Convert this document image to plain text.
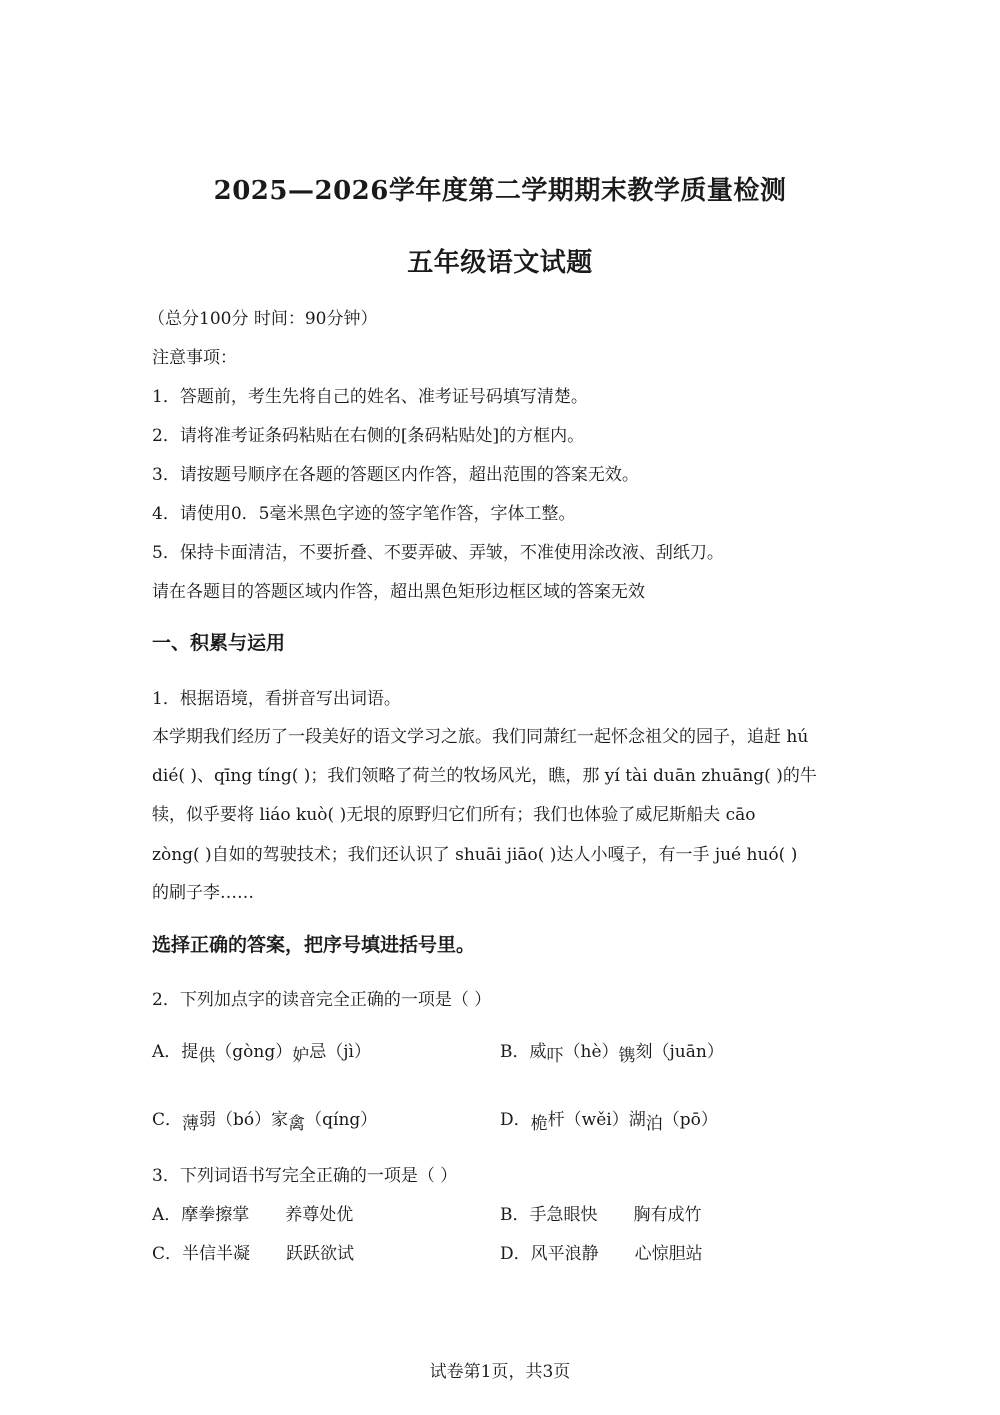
2025—2026学年度第二学期期末教学质量检测
五年级语文试题
（总分100分 时间：90分钟）
注意事项：
1．答题前，考生先将自己的姓名、准考证号码填写清楚。
2．请将准考证条码粘贴在右侧的[条码粘贴处]的方框内。
3．请按题号顺序在各题的答题区内作答，超出范围的答案无效。
4．请使用0．5毫米黑色字迹的签字笔作答，字体工整。
5．保持卡面清洁，不要折叠、不要弄破、弄皱，不准使用涂改液、刮纸刀。
请在各题目的答题区域内作答，超出黑色矩形边框区域的答案无效
一、积累与运用
1．根据语境，看拼音写出词语。
本学期我们经历了一段美好的语文学习之旅。我们同萧红一起怀念祖父的园子，追赶 hú
dié( )、qīng tíng( )；我们领略了荷兰的牧场风光，瞧，那 yí tài duān zhuāng( )的牛
犊，似乎要将 liáo kuò( )无垠的原野归它们所有；我们也体验了威尼斯船夫 cāo
zòng( )自如的驾驶技术；我们还认识了 shuāi jiāo( )达人小嘎子，有一手 jué huó( )
的刷子李……
选择正确的答案，把序号填进括号里。
2．下列加点字的读音完全正确的一项是（ ）
A．提供（gòng）妒忌（jì）	B．威吓（hè）镌刻（juān）
C．薄弱（bó）家禽（qíng）	D．桅杆（wěi）湖泊（pō）
3．下列词语书写完全正确的一项是（ ）
A．摩拳擦掌 养尊处优	B．手急眼快 胸有成竹
C．半信半凝 跃跃欲试	D．风平浪静 心惊胆站
试卷第1页，共3页
